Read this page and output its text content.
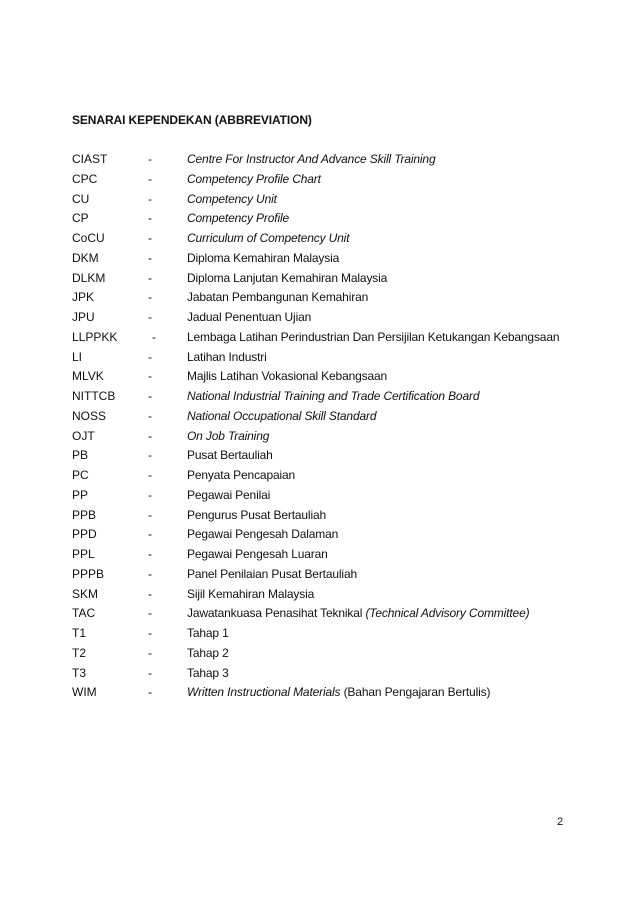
SENARAI KEPENDEKAN (ABBREVIATION)
CIAST	-	Centre For Instructor And Advance Skill Training
CPC	-	Competency Profile Chart
CU	-	Competency Unit
CP	-	Competency Profile
CoCU	-	Curriculum of Competency Unit
DKM	-	Diploma Kemahiran Malaysia
DLKM	-	Diploma Lanjutan Kemahiran Malaysia
JPK	-	Jabatan Pembangunan Kemahiran
JPU	-	Jadual Penentuan Ujian
LLPPKK	-	Lembaga Latihan Perindustrian Dan Persijilan Ketukangan Kebangsaan
LI	-	Latihan Industri
MLVK	-	Majlis Latihan Vokasional Kebangsaan
NITTCB	-	National Industrial Training and Trade Certification Board
NOSS	-	National Occupational Skill Standard
OJT	-	On Job Training
PB	-	Pusat Bertauliah
PC	-	Penyata Pencapaian
PP	-	Pegawai Penilai
PPB	-	Pengurus Pusat Bertauliah
PPD	-	Pegawai Pengesah Dalaman
PPL	-	Pegawai Pengesah Luaran
PPPB	-	Panel Penilaian Pusat Bertauliah
SKM	-	Sijil Kemahiran Malaysia
TAC	-	Jawatankuasa Penasihat Teknikal (Technical Advisory Committee)
T1	-	Tahap 1
T2	-	Tahap 2
T3	-	Tahap 3
WIM	-	Written Instructional Materials (Bahan Pengajaran Bertulis)
2
